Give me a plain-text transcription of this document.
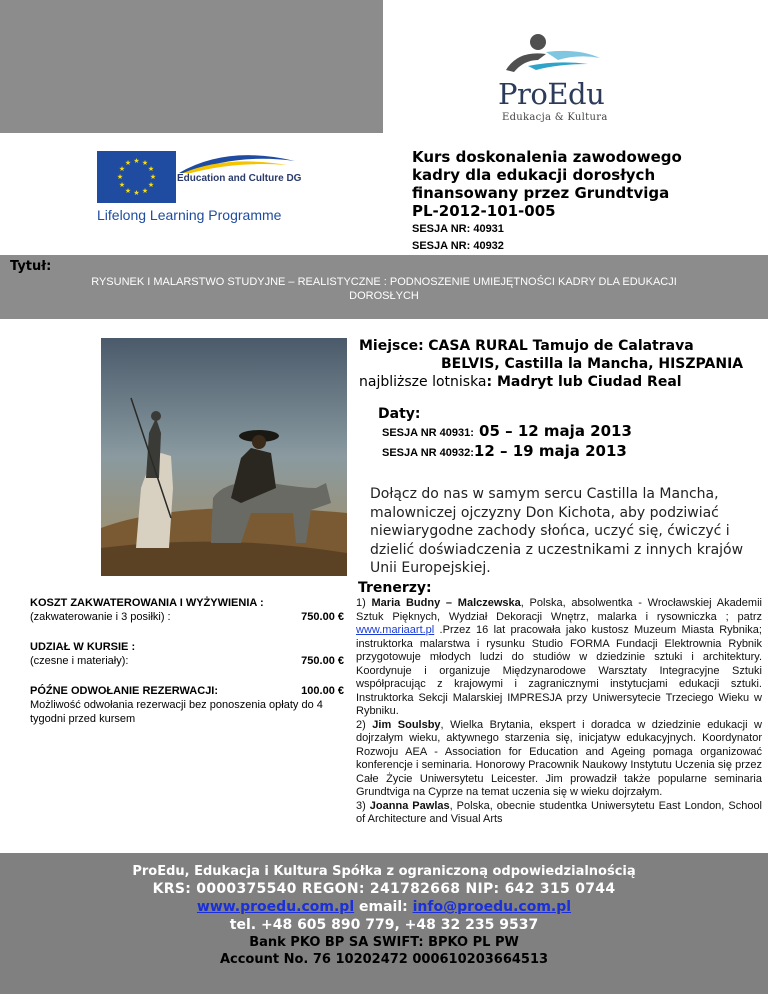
ProEdu
Edukacja & Kultura
★ ★
★
★
★
★
★
★
★
★
★
★
Education and Culture DG
Lifelong Learning Programme
Kurs doskonalenia zawodowego
kadry dla edukacji dorosłych
finansowany przez Grundtviga
PL-2012-101-005
SESJA NR: 40931
SESJA NR: 40932
Tytuł:
RYSUNEK I MALARSTWO STUDYJNE – REALISTYCZNE : PODNOSZENIE UMIEJĘTNOŚCI KADRY DLA EDUKACJI DOROSŁYCH
Miejsce: CASA RURAL Tamujo de Calatrava
BELVIS, Castilla la Mancha, HISZPANIA
najbliższe lotniska: Madryt lub Ciudad Real
Daty:
SESJA NR 40931: 05 – 12 maja 2013
SESJA NR 40932:12 – 19 maja 2013
Dołącz do nas w samym sercu Castilla la Mancha, malowniczej ojczyzny Don Kichota, aby podziwiać niewiarygodne zachody słońca, uczyć się, ćwiczyć i dzielić doświadczenia z uczestnikami z innych krajów Unii Europejskiej.
KOSZT ZAKWATEROWANIA I WYŻYWIENIA :
(zakwaterowanie i 3 posiłki) :	750.00 €
UDZIAŁ W KURSIE :
(czesne i materiały):	750.00 €
PÓŹNE ODWOŁANIE REZERWACJI:	100.00 €
Możliwość odwołania rezerwacji bez ponoszenia opłaty do 4 tygodni przed kursem
Trenerzy:

1) Maria Budny – Malczewska, Polska, absolwentka - Wrocławskiej Akademii Sztuk Pięknych, Wydział Dekoracji Wnętrz, malarka i rysowniczka ; patrz www.mariaart.pl .Przez 16 lat pracowała jako kustosz Muzeum Miasta Rybnika; instruktorka malarstwa i rysunku Studio FORMA Fundacji Elektrownia Rybnik przygotowuje młodych ludzi do studiów w dziedzinie sztuki i architektury. Koordynuje i organizuje Międzynarodowe Warsztaty Integracyjne Sztuki współpracując z krajowymi i zagranicznymi instytucjami edukacji sztuki. Instruktorka Sekcji Malarskiej IMPRESJA przy Uniwersytecie Trzeciego Wieku w Rybniku.

2) Jim Soulsby, Wielka Brytania, ekspert i doradca w dziedzinie edukacji w dojrzałym wieku, aktywnego starzenia się, inicjatyw edukacyjnych. Koordynator Rozwoju AEA - Association for Education and Ageing pomaga organizować konferencje i seminaria. Honorowy Pracownik Naukowy Instytutu Uczenia się przez Całe Życie Uniwersytetu Leicester. Jim prowadził także popularne seminaria Grundtviga na Cyprze na temat uczenia się w wieku dojrzałym.

3) Joanna Pawlas, Polska, obecnie studentka Uniwersytetu East London, School of Architecture and Visual Arts

ProEdu, Edukacja i Kultura Spółka z ograniczoną odpowiedzialnością
KRS: 0000375540 REGON: 241782668 NIP: 642 315 0744
www.proedu.com.pl email: info@proedu.com.pl
tel. +48 605 890 779, +48 32 235 9537
Bank PKO BP SA SWIFT: BPKO PL PW
Account No. 76 10202472 000610203664513
